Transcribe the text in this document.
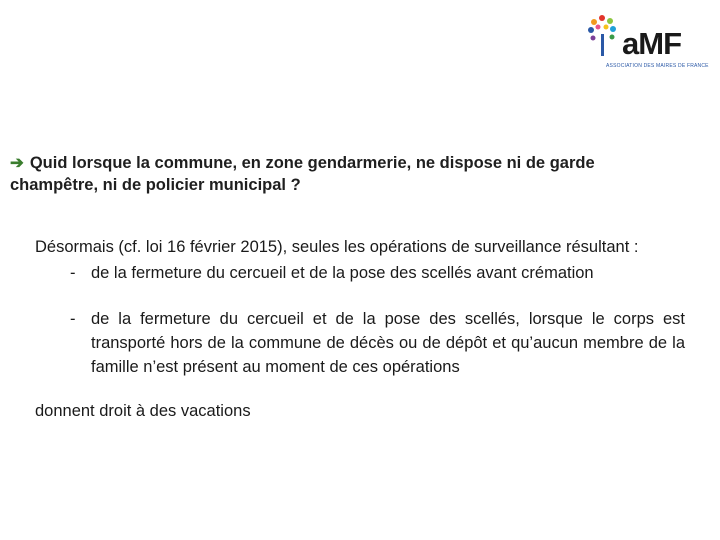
aMF
ASSOCIATION DES MAIRES DE FRANCE
➔ Quid lorsque la commune, en zone gendarmerie, ne dispose ni de garde champêtre, ni de policier municipal ?

Désormais (cf. loi 16 février 2015), seules les opérations de surveillance résultant :

- de la fermeture du cercueil et de la pose des scellés avant crémation
- de la fermeture du cercueil et de la pose des scellés, lorsque le corps est transporté hors de la commune de décès ou de dépôt et qu’aucun membre de la famille n’est présent au moment de ces opérations

donnent droit à des vacations
